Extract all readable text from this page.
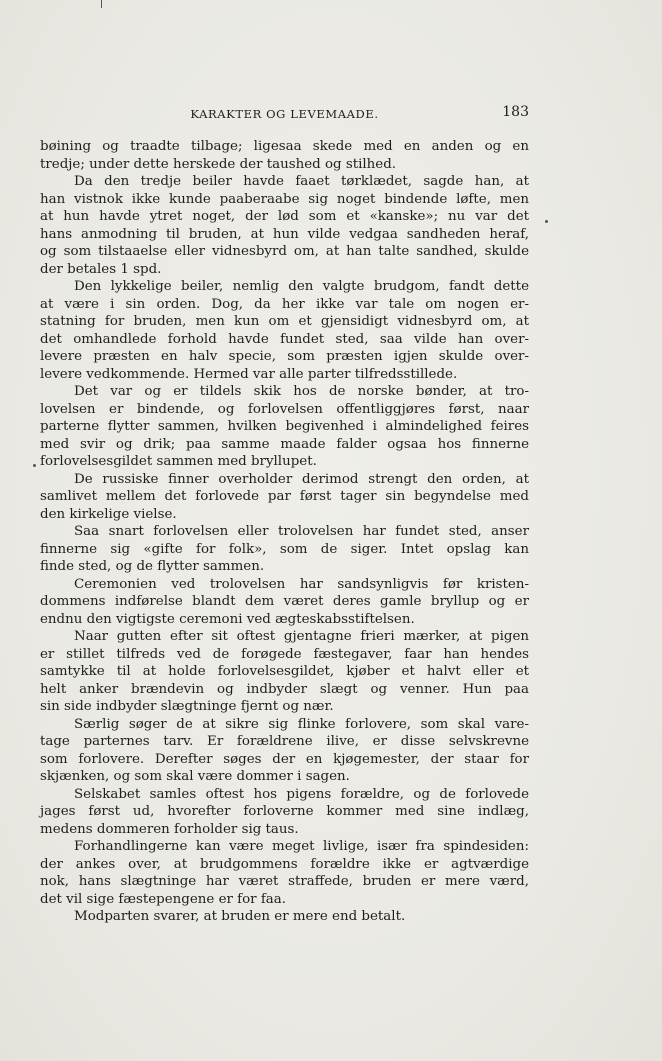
KARAKTER OG LEVEMAADE.	183
bøining og traadte tilbage; ligesaa skede med en anden og en
tredje; under dette herskede der taushed og stilhed.
Da den tredje beiler havde faaet tørklædet, sagde han, at
han vistnok ikke kunde paaberaabe sig noget bindende løfte, men
at hun havde ytret noget, der lød som et «kanske»; nu var det
hans anmodning til bruden, at hun vilde vedgaa sandheden heraf,
og som tilstaaelse eller vidnesbyrd om, at han talte sandhed, skulde
der betales 1 spd.
Den lykkelige beiler, nemlig den valgte brudgom, fandt dette
at være i sin orden. Dog, da her ikke var tale om nogen er-
statning for bruden, men kun om et gjensidigt vidnesbyrd om, at
det omhandlede forhold havde fundet sted, saa vilde han over-
levere præsten en halv specie, som præsten igjen skulde over-
levere vedkommende. Hermed var alle parter tilfredsstillede.
Det var og er tildels skik hos de norske bønder, at tro-
lovelsen er bindende, og forlovelsen offentliggjøres først, naar
parterne flytter sammen, hvilken begivenhed i almindelighed feires
med svir og drik; paa samme maade falder ogsaa hos finnerne
forlovelsesgildet sammen med bryllupet.
De russiske finner overholder derimod strengt den orden, at
samlivet mellem det forlovede par først tager sin begyndelse med
den kirkelige vielse.
Saa snart forlovelsen eller trolovelsen har fundet sted, anser
finnerne sig «gifte for folk», som de siger. Intet opslag kan
finde sted, og de flytter sammen.
Ceremonien ved trolovelsen har sandsynligvis før kristen-
dommens indførelse blandt dem været deres gamle bryllup og er
endnu den vigtigste ceremoni ved ægteskabsstiftelsen.
Naar gutten efter sit oftest gjentagne frieri mærker, at pigen
er stillet tilfreds ved de forøgede fæstegaver, faar han hendes
samtykke til at holde forlovelsesgildet, kjøber et halvt eller et
helt anker brændevin og indbyder slægt og venner. Hun paa
sin side indbyder slægtninge fjernt og nær.
Særlig søger de at sikre sig flinke forlovere, som skal vare-
tage parternes tarv. Er forældrene ilive, er disse selvskrevne
som forlovere. Derefter søges der en kjøgemester, der staar for
skjænken, og som skal være dommer i sagen.
Selskabet samles oftest hos pigens forældre, og de forlovede
jages først ud, hvorefter forloverne kommer med sine indlæg,
medens dommeren forholder sig taus.
Forhandlingerne kan være meget livlige, især fra spindesiden:
der ankes over, at brudgommens forældre ikke er agtværdige
nok, hans slægtninge har været straffede, bruden er mere værd,
det vil sige fæstepengene er for faa.
Modparten svarer, at bruden er mere end betalt.
